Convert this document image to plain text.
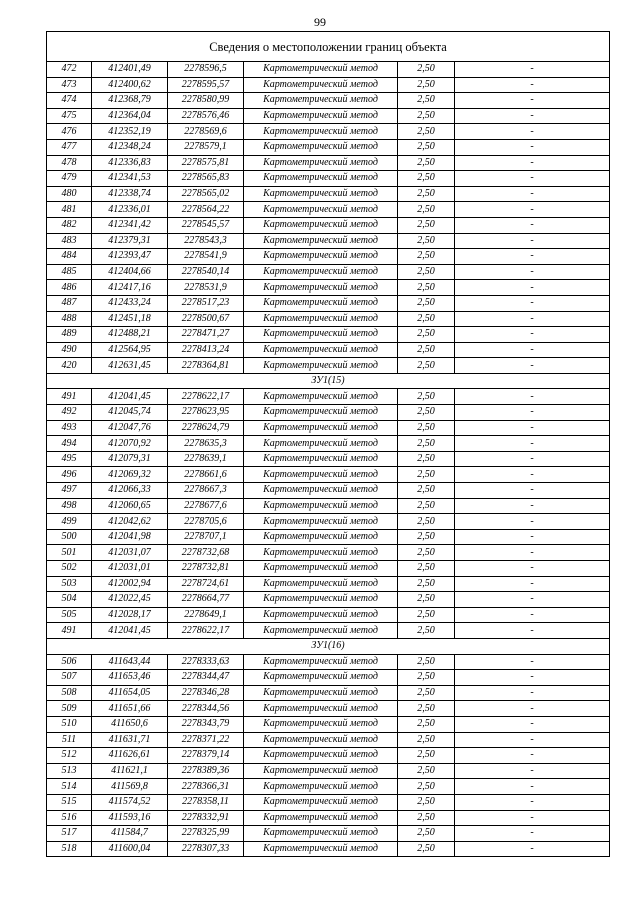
99
Сведения о местоположении границ объекта					
472	412401,49	2278596,5	Картометрический метод	2,50	-
473	412400,62	2278595,57	Картометрический метод	2,50	-
474	412368,79	2278580,99	Картометрический метод	2,50	-
475	412364,04	2278576,46	Картометрический метод	2,50	-
476	412352,19	2278569,6	Картометрический метод	2,50	-
477	412348,24	2278579,1	Картометрический метод	2,50	-
478	412336,83	2278575,81	Картометрический метод	2,50	-
479	412341,53	2278565,83	Картометрический метод	2,50	-
480	412338,74	2278565,02	Картометрический метод	2,50	-
481	412336,01	2278564,22	Картометрический метод	2,50	-
482	412341,42	2278545,57	Картометрический метод	2,50	-
483	412379,31	2278543,3	Картометрический метод	2,50	-
484	412393,47	2278541,9	Картометрический метод	2,50	-
485	412404,66	2278540,14	Картометрический метод	2,50	-
486	412417,16	2278531,9	Картометрический метод	2,50	-
487	412433,24	2278517,23	Картометрический метод	2,50	-
488	412451,18	2278500,67	Картометрический метод	2,50	-
489	412488,21	2278471,27	Картометрический метод	2,50	-
490	412564,95	2278413,24	Картометрический метод	2,50	-
420	412631,45	2278364,81	Картометрический метод	2,50	-
ЗУ1(15)					
491	412041,45	2278622,17	Картометрический метод	2,50	-
492	412045,74	2278623,95	Картометрический метод	2,50	-
493	412047,76	2278624,79	Картометрический метод	2,50	-
494	412070,92	2278635,3	Картометрический метод	2,50	-
495	412079,31	2278639,1	Картометрический метод	2,50	-
496	412069,32	2278661,6	Картометрический метод	2,50	-
497	412066,33	2278667,3	Картометрический метод	2,50	-
498	412060,65	2278677,6	Картометрический метод	2,50	-
499	412042,62	2278705,6	Картометрический метод	2,50	-
500	412041,98	2278707,1	Картометрический метод	2,50	-
501	412031,07	2278732,68	Картометрический метод	2,50	-
502	412031,01	2278732,81	Картометрический метод	2,50	-
503	412002,94	2278724,61	Картометрический метод	2,50	-
504	412022,45	2278664,77	Картометрический метод	2,50	-
505	412028,17	2278649,1	Картометрический метод	2,50	-
491	412041,45	2278622,17	Картометрический метод	2,50	-
ЗУ1(16)					
506	411643,44	2278333,63	Картометрический метод	2,50	-
507	411653,46	2278344,47	Картометрический метод	2,50	-
508	411654,05	2278346,28	Картометрический метод	2,50	-
509	411651,66	2278344,56	Картометрический метод	2,50	-
510	411650,6	2278343,79	Картометрический метод	2,50	-
511	411631,71	2278371,22	Картометрический метод	2,50	-
512	411626,61	2278379,14	Картометрический метод	2,50	-
513	411621,1	2278389,36	Картометрический метод	2,50	-
514	411569,8	2278366,31	Картометрический метод	2,50	-
515	411574,52	2278358,11	Картометрический метод	2,50	-
516	411593,16	2278332,91	Картометрический метод	2,50	-
517	411584,7	2278325,99	Картометрический метод	2,50	-
518	411600,04	2278307,33	Картометрический метод	2,50	-
